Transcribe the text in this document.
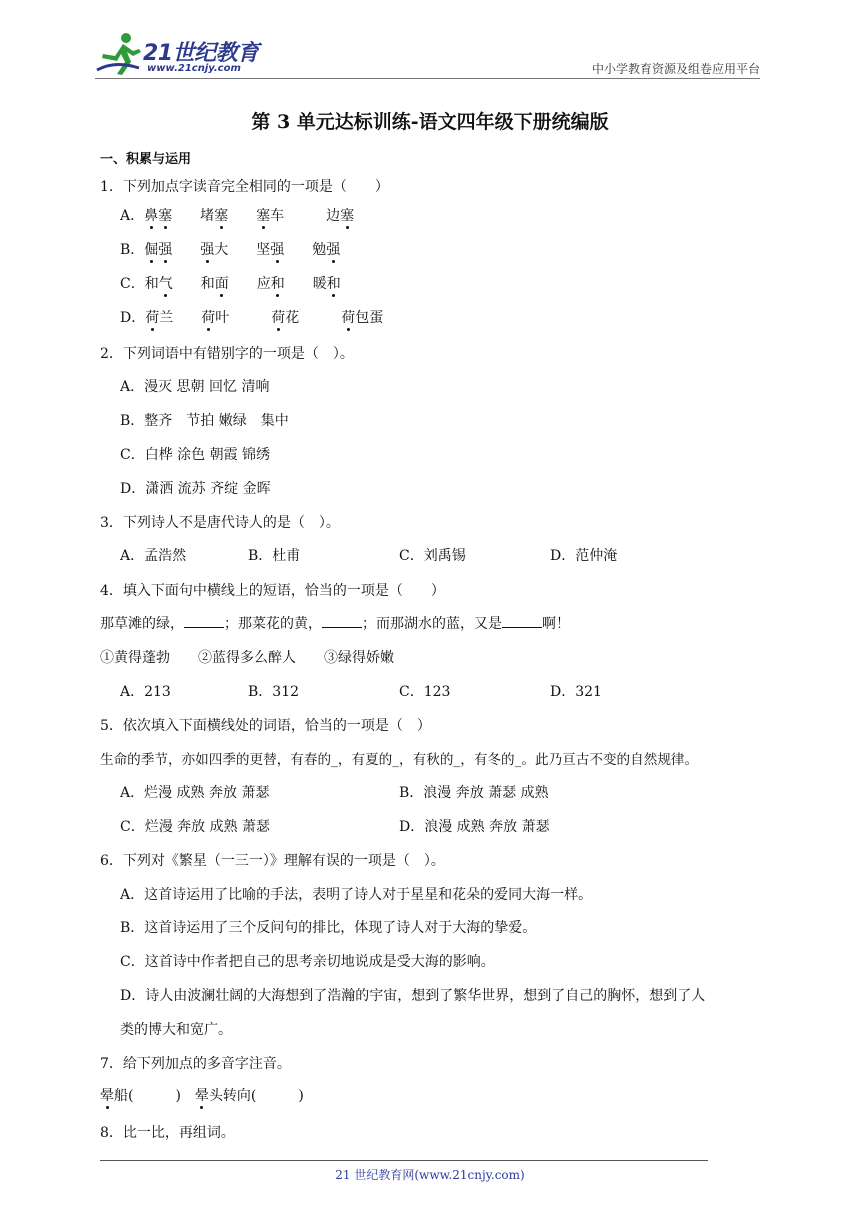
21世纪教育
www.21cnjy.com	中小学教育资源及组卷应用平台
第 3 单元达标训练-语文四年级下册统编版
一、积累与运用
1．下列加点字读音完全相同的一项是（　　）
A．鼻塞　　堵塞　　 塞车　　　边塞
B．倔强　　 强大　　坚强　　勉强
C．和气　　和面　　应和　　暖和
D．荷兰　　 荷叶　　　荷花　　　荷包蛋
2．下列词语中有错别字的一项是（　）。
A．漫灭 思朝 回忆 清响
B．整齐　节拍 嫩绿　集中
C．白桦 涂色 朝霞 锦绣
D．潇洒 流苏 齐绽 金晖
3．下列诗人不是唐代诗人的是（　）。
A．孟浩然	B．杜甫	C．刘禹锡	D．范仲淹
4．填入下面句中横线上的短语，恰当的一项是（　　）
那草滩的绿，	；那菜花的黄，	；而那湖水的蓝，又是	啊！
①黄得蓬勃　　②蓝得多么醉人　　③绿得娇嫩
A．213	B．312	C．123	D．321
5．依次填入下面横线处的词语，恰当的一项是（　）
生命的季节，亦如四季的更替，有春的_，有夏的_，有秋的_，有冬的_。此乃亘古不变的自然规律。
A．烂漫 成熟 奔放 萧瑟	B．浪漫 奔放 萧瑟 成熟
C．烂漫 奔放 成熟 萧瑟	D．浪漫 成熟 奔放 萧瑟
6．下列对《繁星（一三一）》理解有误的一项是（　）。
A．这首诗运用了比喻的手法，表明了诗人对于星星和花朵的爱同大海一样。
B．这首诗运用了三个反问句的排比，体现了诗人对于大海的挚爱。
C．这首诗中作者把自己的思考亲切地说成是受大海的影响。
D．诗人由波澜壮阔的大海想到了浩瀚的宇宙，想到了繁华世界，想到了自己的胸怀，想到了人
类的博大和宽广。
7．给下列加点的多音字注音。
晕船(　　　)　晕头转向(　　　)
8．比一比，再组词。
21 世纪教育网(www.21cnjy.com)
